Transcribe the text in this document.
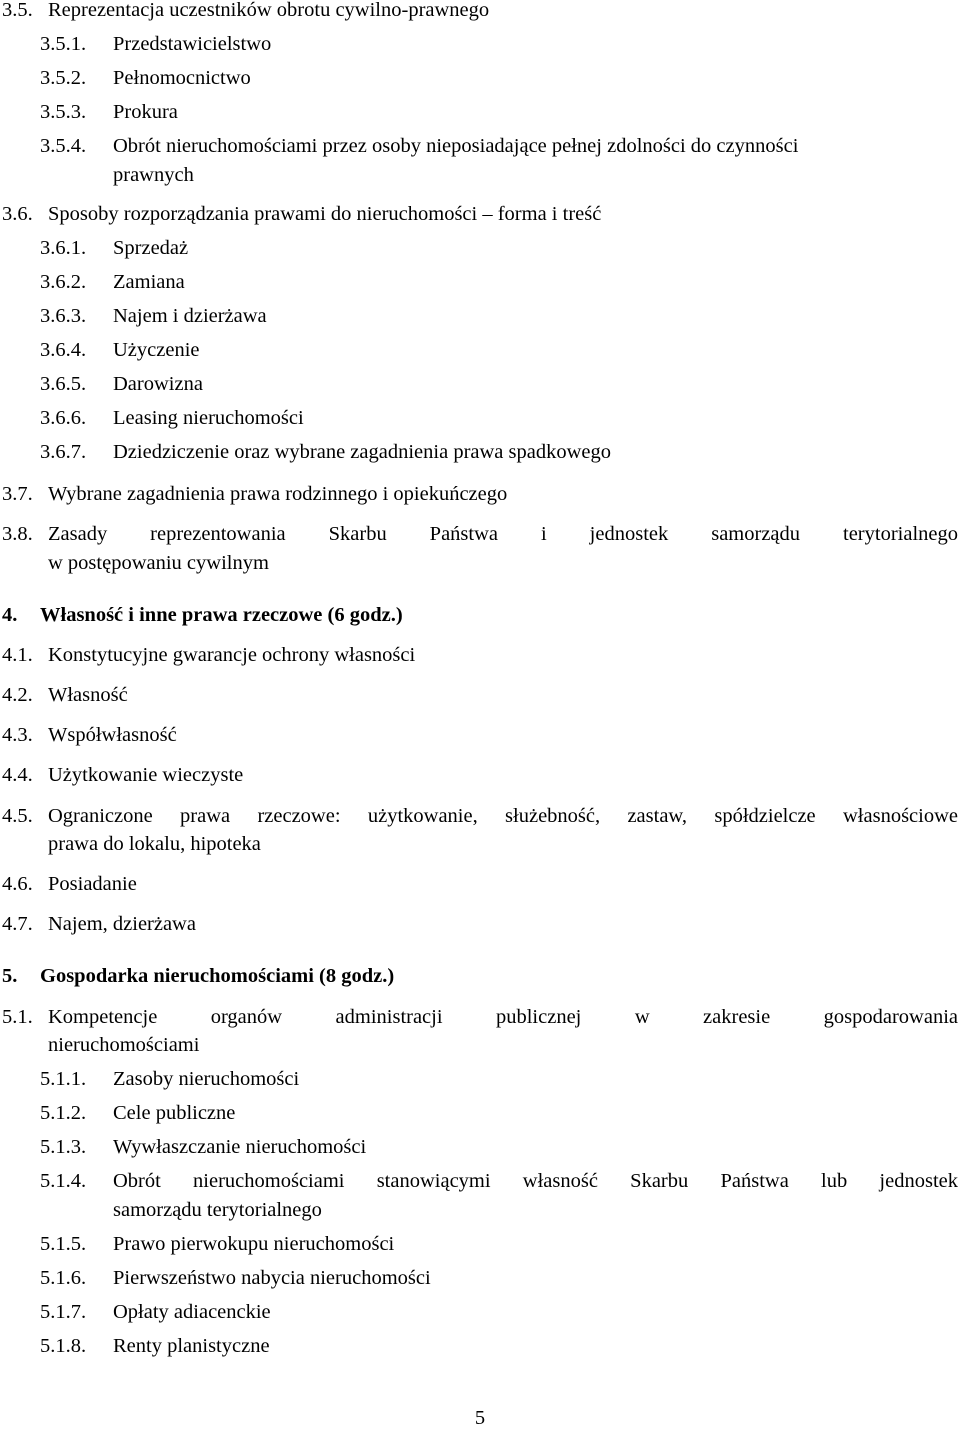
3.5. Reprezentacja uczestników obrotu cywilno-prawnego
3.5.1. Przedstawicielstwo
3.5.2. Pełnomocnictwo
3.5.3. Prokura
3.5.4. Obrót nieruchomościami przez osoby nieposiadające pełnej zdolności do czynności
prawnych
3.6. Sposoby rozporządzania prawami do nieruchomości – forma i treść
3.6.1. Sprzedaż
3.6.2. Zamiana
3.6.3. Najem i dzierżawa
3.6.4. Użyczenie
3.6.5. Darowizna
3.6.6. Leasing nieruchomości
3.6.7. Dziedziczenie oraz wybrane zagadnienia prawa spadkowego
3.7. Wybrane zagadnienia prawa rodzinnego i opiekuńczego
3.8. Zasady reprezentowania Skarbu Państwa i jednostek samorządu terytorialnego
w postępowaniu cywilnym
4. Własność i inne prawa rzeczowe (6 godz.)
4.1. Konstytucyjne gwarancje ochrony własności
4.2. Własność
4.3. Współwłasność
4.4. Użytkowanie wieczyste
4.5. Ograniczone prawa rzeczowe: użytkowanie, służebność, zastaw, spółdzielcze własnościowe
prawa do lokalu, hipoteka
4.6. Posiadanie
4.7. Najem, dzierżawa
5. Gospodarka nieruchomościami (8 godz.)
5.1. Kompetencje organów administracji publicznej w zakresie gospodarowania
nieruchomościami
5.1.1. Zasoby nieruchomości
5.1.2. Cele publiczne
5.1.3. Wywłaszczanie nieruchomości
5.1.4. Obrót nieruchomościami stanowiącymi własność Skarbu Państwa lub jednostek
samorządu terytorialnego
5.1.5. Prawo pierwokupu nieruchomości
5.1.6. Pierwszeństwo nabycia nieruchomości
5.1.7. Opłaty adiacenckie
5.1.8. Renty planistyczne
5
